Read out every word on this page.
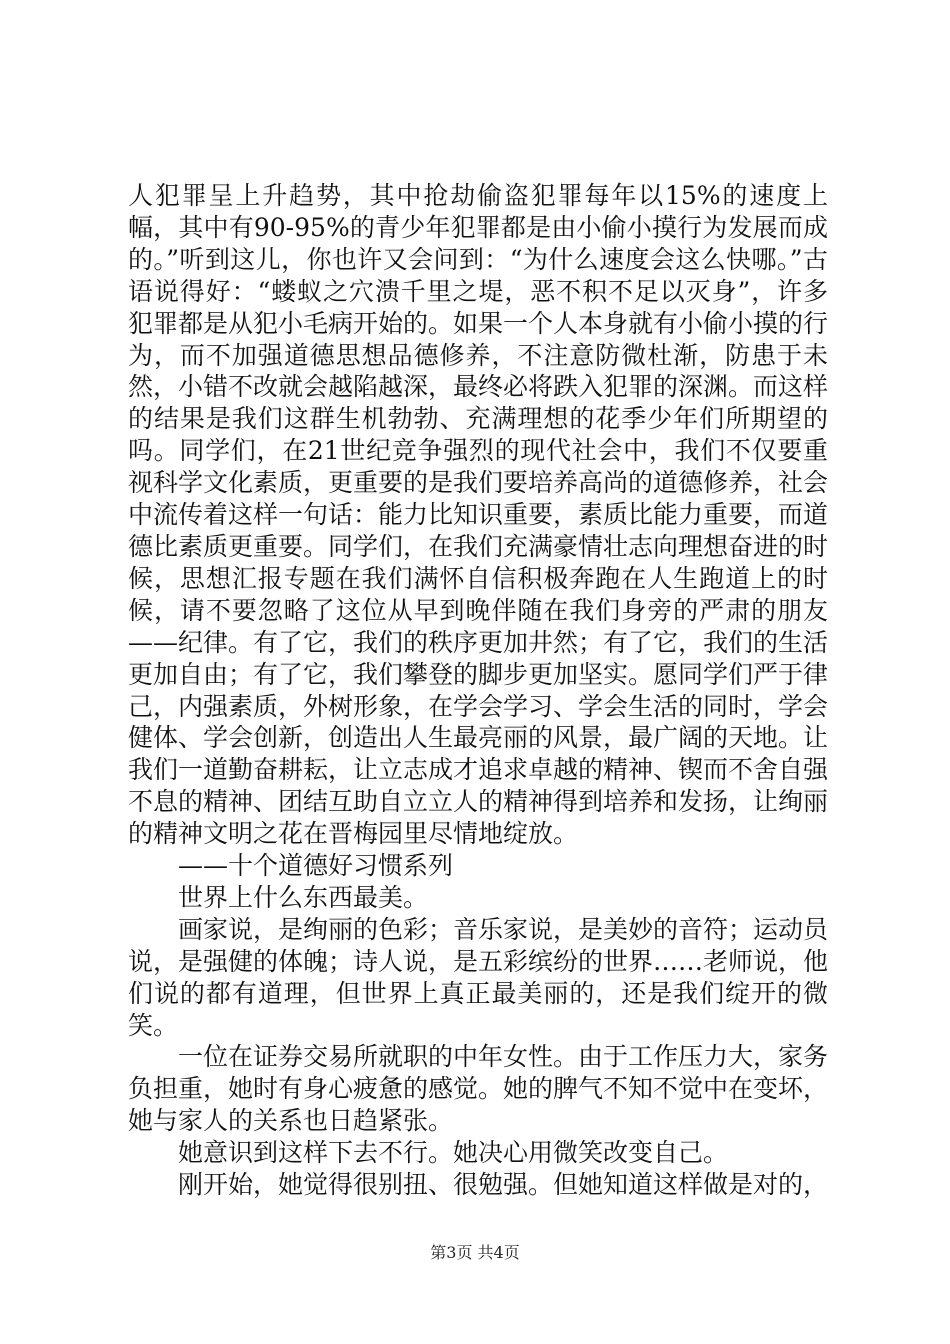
人犯罪呈上升趋势，其中抢劫偷盗犯罪每年以15%的速度上幅，其中有90-95%的青少年犯罪都是由小偷小摸行为发展而成的。”听到这儿，你也许又会问到：“为什么速度会这么快哪。”古语说得好：“蝼蚁之穴溃千里之堤，恶不积不足以灭身”，许多犯罪都是从犯小毛病开始的。如果一个人本身就有小偷小摸的行为，而不加强道德思想品德修养，不注意防微杜渐，防患于未然，小错不改就会越陷越深，最终必将跌入犯罪的深渊。而这样的结果是我们这群生机勃勃、充满理想的花季少年们所期望的吗。同学们，在21世纪竞争强烈的现代社会中，我们不仅要重视科学文化素质，更重要的是我们要培养高尚的道德修养，社会中流传着这样一句话：能力比知识重要，素质比能力重要，而道德比素质更重要。同学们，在我们充满豪情壮志向理想奋进的时候，思想汇报专题在我们满怀自信积极奔跑在人生跑道上的时候，请不要忽略了这位从早到晚伴随在我们身旁的严肃的朋友——纪律。有了它，我们的秩序更加井然；有了它，我们的生活更加自由；有了它，我们攀登的脚步更加坚实。愿同学们严于律己，内强素质，外树形象，在学会学习、学会生活的同时，学会健体、学会创新，创造出人生最亮丽的风景，最广阔的天地。让我们一道勤奋耕耘，让立志成才追求卓越的精神、锲而不舍自强不息的精神、团结互助自立立人的精神得到培养和发扬，让绚丽的精神文明之花在晋梅园里尽情地绽放。

——十个道德好习惯系列

世界上什么东西最美。

画家说，是绚丽的色彩；音乐家说，是美妙的音符；运动员说，是强健的体魄；诗人说，是五彩缤纷的世界……老师说，他们说的都有道理，但世界上真正最美丽的，还是我们绽开的微笑。

一位在证券交易所就职的中年女性。由于工作压力大，家务负担重，她时有身心疲惫的感觉。她的脾气不知不觉中在变坏，她与家人的关系也日趋紧张。

她意识到这样下去不行。她决心用微笑改变自己。

刚开始，她觉得很别扭、很勉强。但她知道这样做是对的，

第3页 共4页
